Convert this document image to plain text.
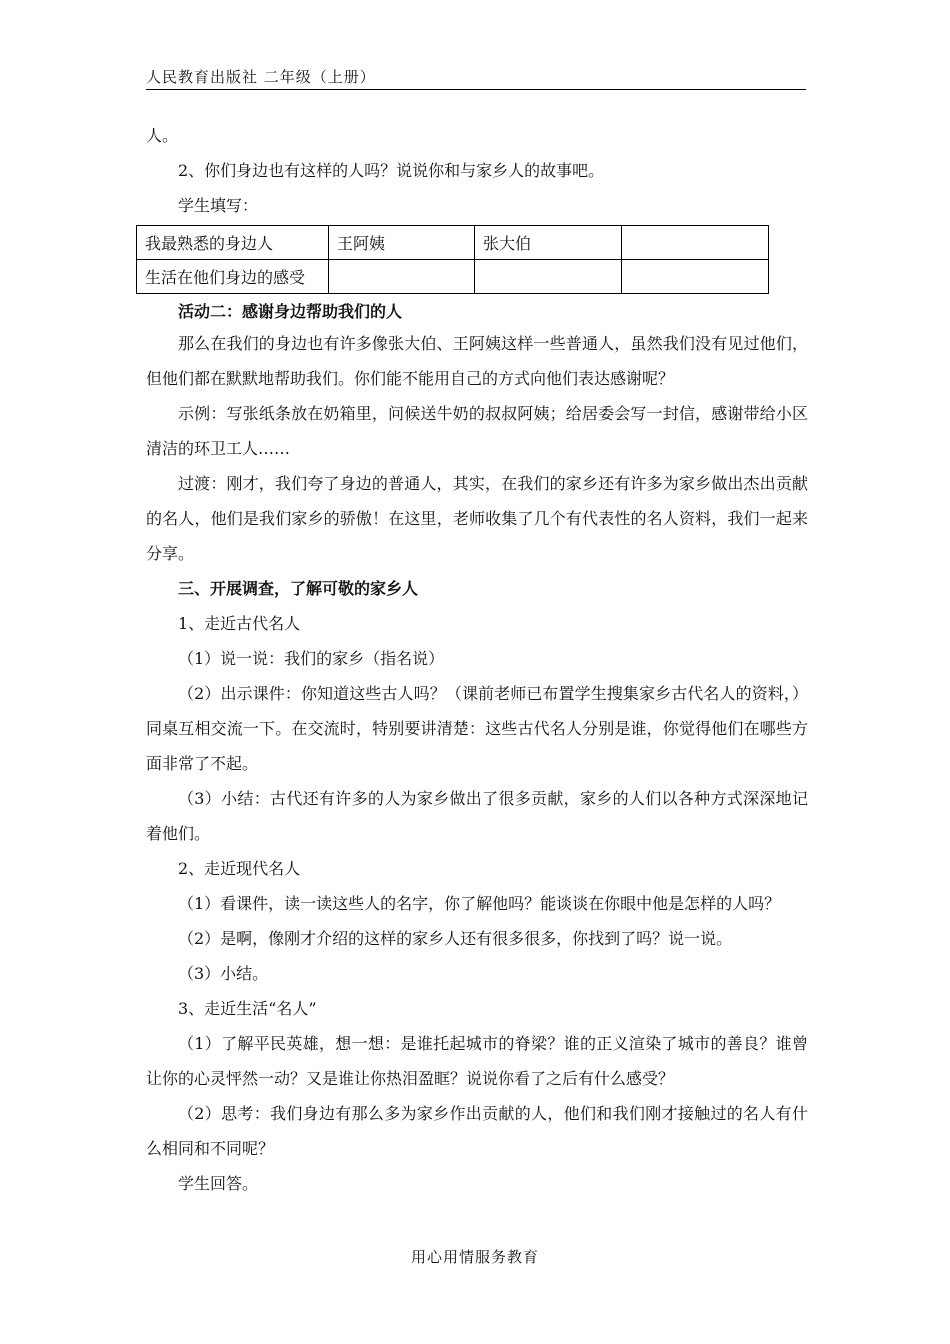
人民教育出版社 二年级（上册）

人。

2、你们身边也有这样的人吗？说说你和与家乡人的故事吧。

学生填写：

我最熟悉的身边人	王阿姨	张大伯	
生活在他们身边的感受			

活动二：感谢身边帮助我们的人

那么在我们的身边也有许多像张大伯、王阿姨这样一些普通人，虽然我们没有见过他们，但他们都在默默地帮助我们。你们能不能用自己的方式向他们表达感谢呢？

示例：写张纸条放在奶箱里，问候送牛奶的叔叔阿姨；给居委会写一封信，感谢带给小区清洁的环卫工人……

过渡：刚才，我们夸了身边的普通人，其实，在我们的家乡还有许多为家乡做出杰出贡献的名人，他们是我们家乡的骄傲！在这里，老师收集了几个有代表性的名人资料，我们一起来分享。

三、开展调查，了解可敬的家乡人

1、走近古代名人

（1）说一说：我们的家乡（指名说）

（2）出示课件：你知道这些古人吗？（课前老师已布置学生搜集家乡古代名人的资料，）同桌互相交流一下。在交流时，特别要讲清楚：这些古代名人分别是谁，你觉得他们在哪些方面非常了不起。

（3）小结：古代还有许多的人为家乡做出了很多贡献，家乡的人们以各种方式深深地记着他们。

2、走近现代名人

（1）看课件，读一读这些人的名字，你了解他吗？能谈谈在你眼中他是怎样的人吗？

（2）是啊，像刚才介绍的这样的家乡人还有很多很多，你找到了吗？说一说。

（3）小结。

3、走近生活“名人”

（1）了解平民英雄，想一想：是谁托起城市的脊梁？谁的正义渲染了城市的善良？谁曾让你的心灵怦然一动？又是谁让你热泪盈眶？说说你看了之后有什么感受？

（2）思考：我们身边有那么多为家乡作出贡献的人，他们和我们刚才接触过的名人有什么相同和不同呢？

学生回答。

用心用情服务教育
